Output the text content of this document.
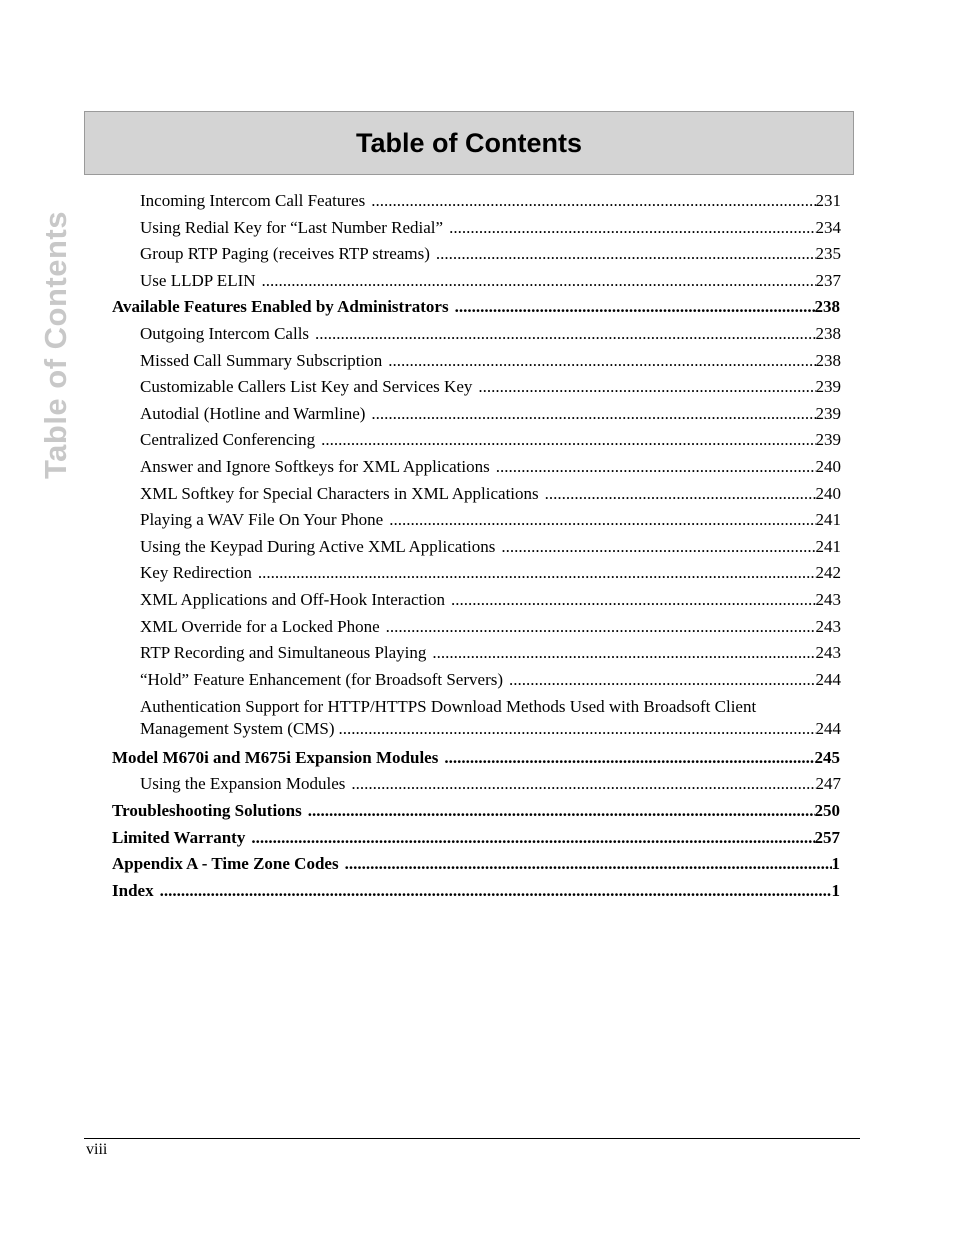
Table of Contents
Table of Contents
Incoming Intercom Call Features .....	231
Using Redial Key for “Last Number Redial” .....	234
Group RTP Paging (receives RTP streams) .....	235
Use LLDP ELIN .....	237
Available Features Enabled by Administrators .....	238
Outgoing Intercom Calls .....	238
Missed Call Summary Subscription .....	238
Customizable Callers List Key and Services Key .....	239
Autodial (Hotline and Warmline) .....	239
Centralized Conferencing .....	239
Answer and Ignore Softkeys for XML Applications .....	240
XML Softkey for Special Characters in XML Applications .....	240
Playing a WAV File On Your Phone .....	241
Using the Keypad During Active XML Applications .....	241
Key Redirection .....	242
XML Applications and Off-Hook Interaction .....	243
XML Override for a Locked Phone .....	243
RTP Recording and Simultaneous Playing .....	243
“Hold” Feature Enhancement (for Broadsoft Servers) .....	244
Authentication Support for HTTP/HTTPS Download Methods Used with Broadsoft Client
Management System (CMS) .....	244
Model M670i and M675i Expansion Modules .....	245
Using the Expansion Modules .....	247
Troubleshooting Solutions .....	250
Limited Warranty .....	257
Appendix A - Time Zone Codes .....	1
Index .....	1
viii
